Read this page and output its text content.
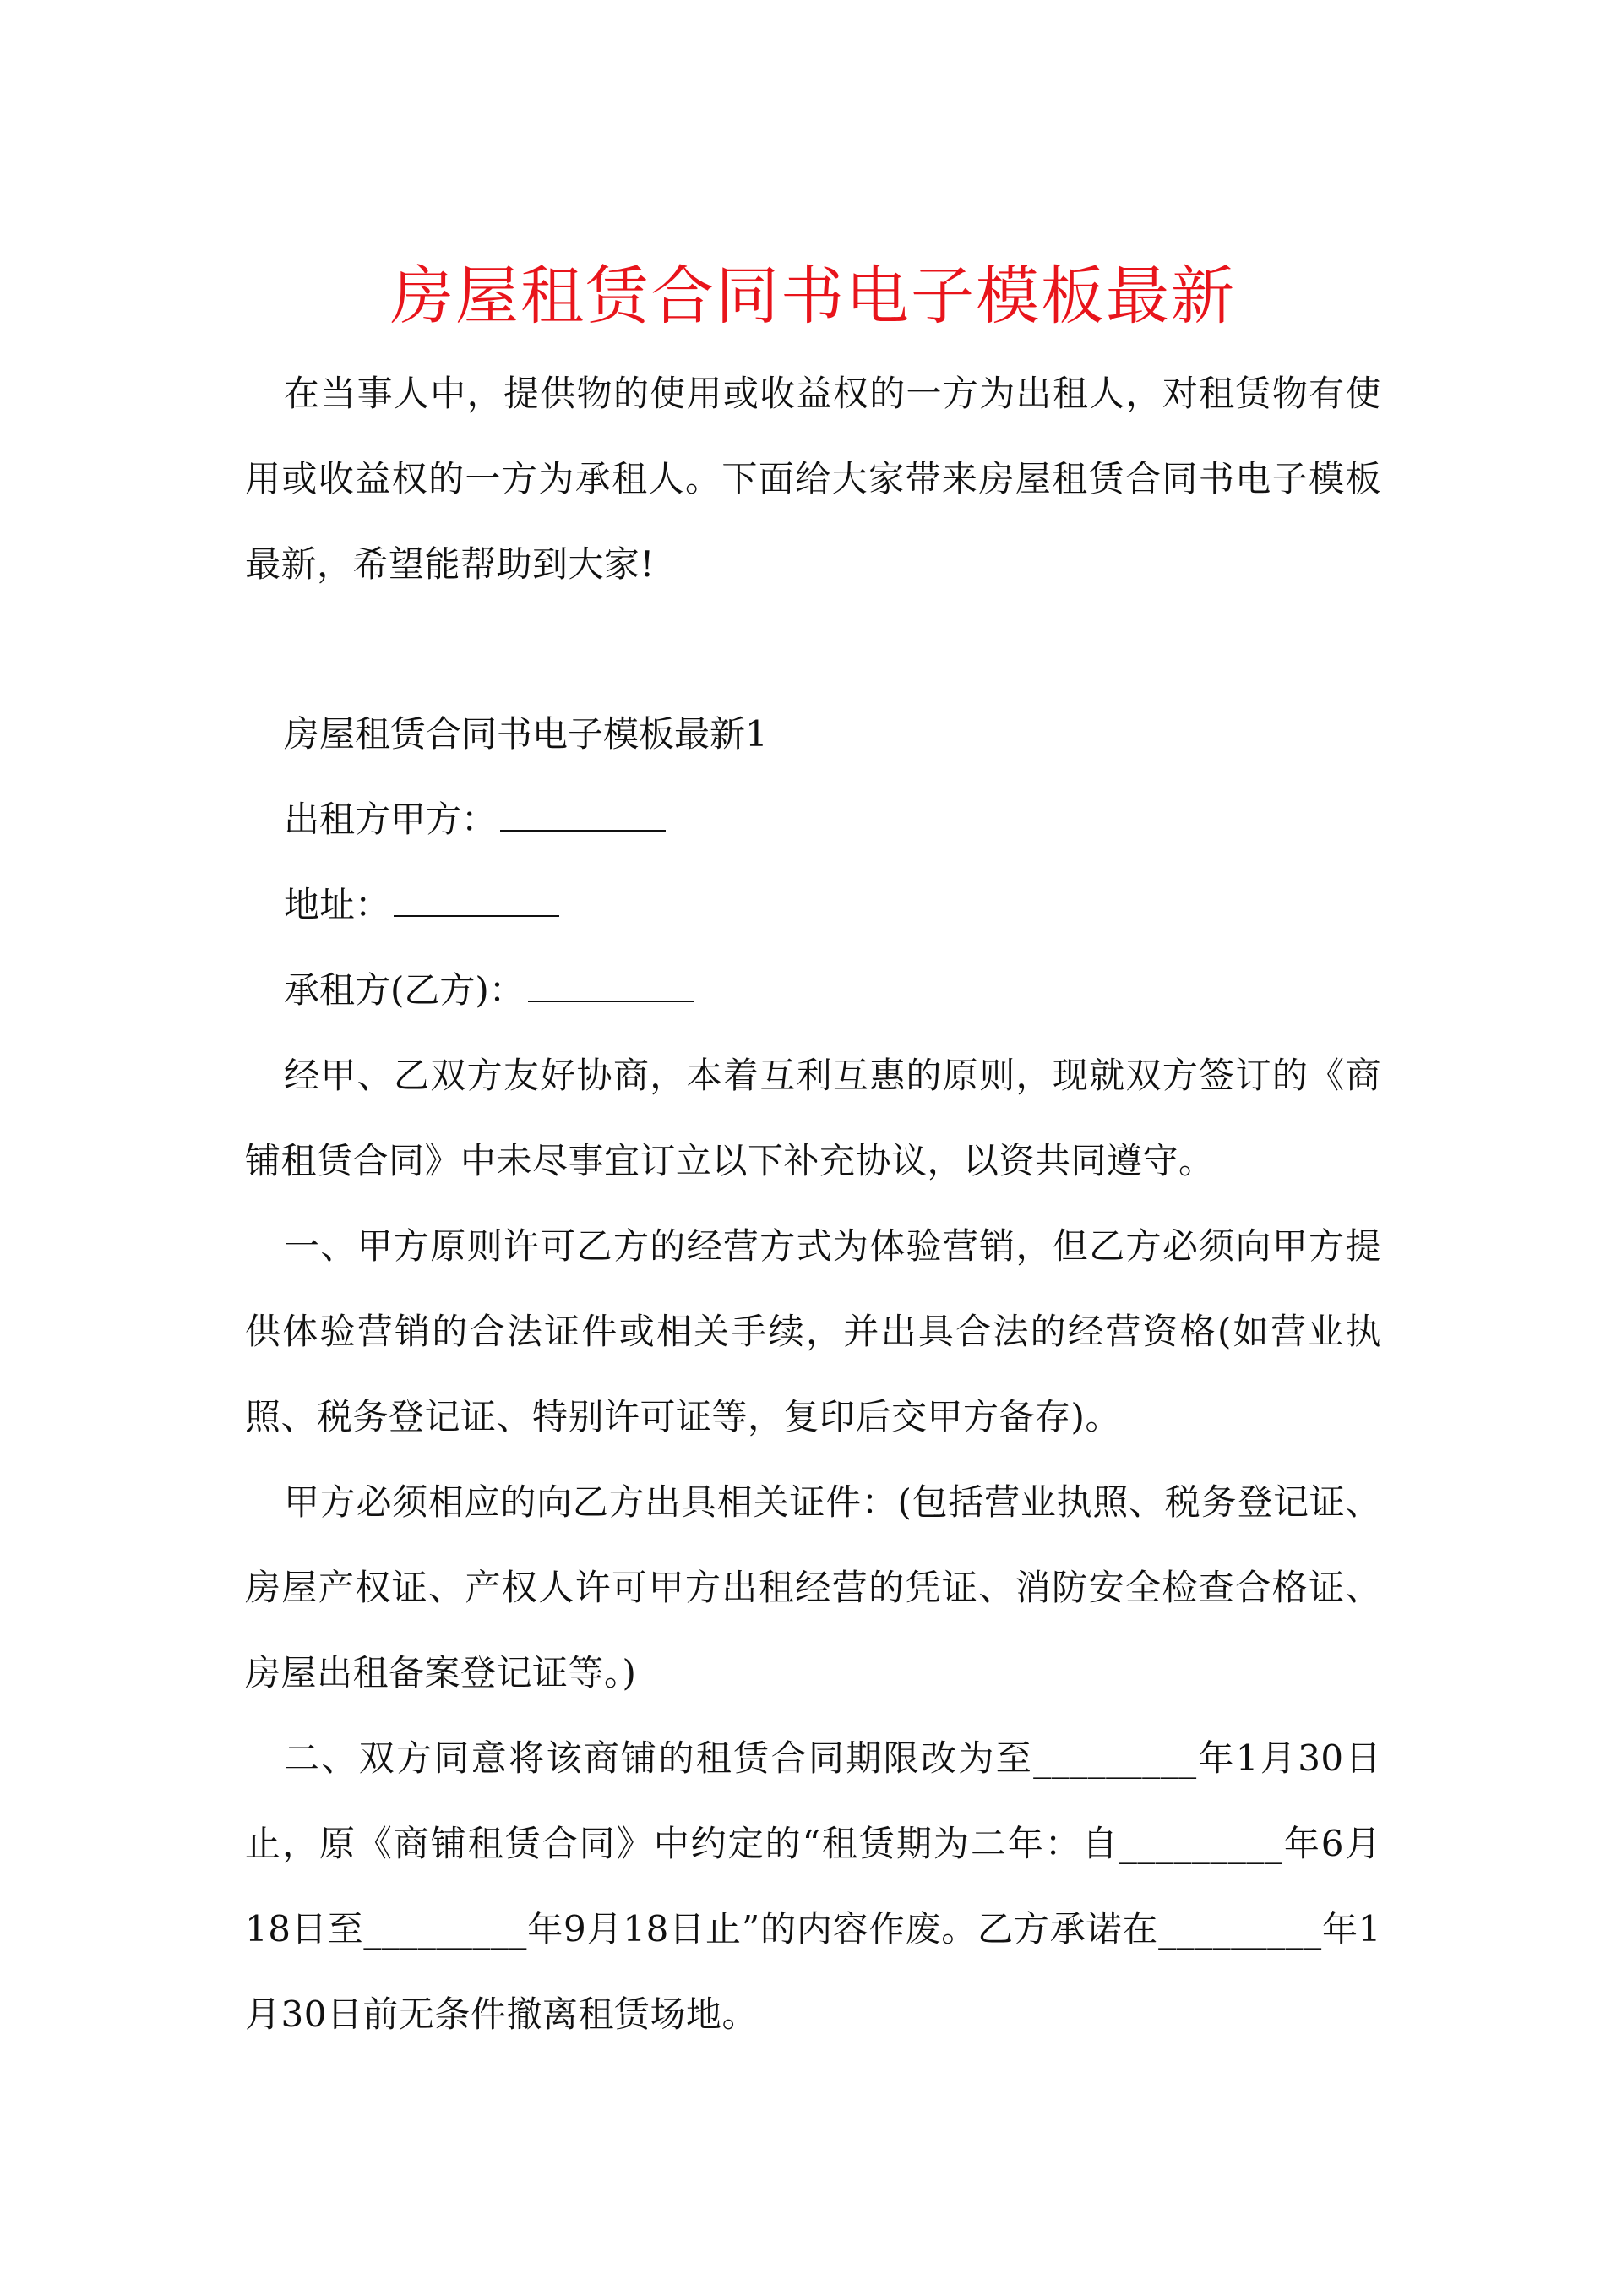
房屋租赁合同书电子模板最新

在当事人中，提供物的使用或收益权的一方为出租人，对租赁物有使用或收益权的一方为承租人。下面给大家带来房屋租赁合同书电子模板最新，希望能帮助到大家!

房屋租赁合同书电子模板最新1

出租方甲方：

地址：

承租方(乙方)：

经甲、乙双方友好协商，本着互利互惠的原则，现就双方签订的《商铺租赁合同》中未尽事宜订立以下补充协议，以资共同遵守。

一、甲方原则许可乙方的经营方式为体验营销，但乙方必须向甲方提供体验营销的合法证件或相关手续，并出具合法的经营资格(如营业执照、税务登记证、特别许可证等，复印后交甲方备存)。

甲方必须相应的向乙方出具相关证件：(包括营业执照、税务登记证、房屋产权证、产权人许可甲方出租经营的凭证、消防安全检查合格证、房屋出租备案登记证等。)

二、双方同意将该商铺的租赁合同期限改为至_________年1月30日止，原《商铺租赁合同》中约定的“租赁期为二年：自_________年6月18日至_________年9月18日止”的内容作废。乙方承诺在_________年1月30日前无条件撤离租赁场地。
